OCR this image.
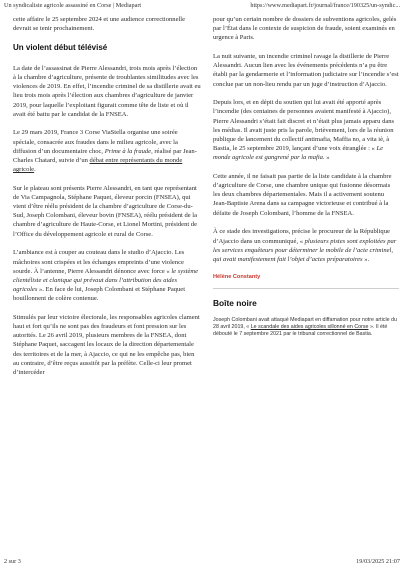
Un syndicaliste agricole assassiné en Corse | Mediapart	https://www.mediapart.fr/journal/france/190325/un-syndic...

cette affaire le 25 septembre 2024 et une audience correctionnelle devrait se tenir prochainement.

Un violent début télévisé

La date de l’assassinat de Pierre Alessandri, trois mois après l’élection à la chambre d’agriculture, présente de troublantes similitudes avec les violences de 2019. En effet, l’incendie criminel de sa distillerie avait eu lieu trois mois après l’élection aux chambres d’agriculture de janvier 2019, pour laquelle l’exploitant figurait comme tête de liste et où il avait été battu par le candidat de la FNSEA.

Le 29 mars 2019, France 3 Corse ViaStella organise une soirée spéciale, consacrée aux fraudes dans le milieu agricole, avec la diffusion d’un documentaire choc, Prime à la fraude, réalisé par Jean-Charles Chatard, suivie d’un débat entre représentants du monde agricole.

Sur le plateau sont présents Pierre Alessandri, en tant que représentant de Via Campagnola, Stéphane Paquet, éleveur porcin (FNSEA), qui vient d’être réélu président de la chambre d’agriculture de Corse-du-Sud, Joseph Colombani, éleveur bovin (FNSEA), réélu président de la chambre d’agriculture de Haute-Corse, et Lionel Mortini, président de l’Office du développement agricole et rural de Corse.

L’ambiance est à couper au couteau dans le studio d’Ajaccio. Les mâchoires sont crispées et les échanges empreints d’une violence sourde. À l’antenne, Pierre Alessandri dénonce avec force « le système clientéliste et clanique qui prévaut dans l’attribution des aides agricoles ». En face de lui, Joseph Colombani et Stéphane Paquet bouillonnent de colère contenue.

Stimulés par leur victoire électorale, les responsables agricoles clament haut et fort qu’ils ne sont pas des fraudeurs et font pression sur les autorités. Le 26 avril 2019, plusieurs membres de la FNSEA, dont Stéphane Paquet, saccagent les locaux de la direction départementale des territoires et de la mer, à Ajaccio, ce qui ne les empêche pas, bien au contraire, d’être reçus aussitôt par la préfète. Celle-ci leur promet d’intercéder

pour qu’un certain nombre de dossiers de subventions agricoles, gelés par l’État dans le contexte de suspicion de fraude, soient examinés en urgence à Paris.

La nuit suivante, un incendie criminel ravage la distillerie de Pierre Alessandri. Aucun lien avec les événements précédents n’a pu être établi par la gendarmerie et l’information judiciaire sur l’incendie s’est conclue par un non-lieu rendu par un juge d’instruction d’Ajaccio.

Depuis lors, et en dépit du soutien qui lui avait été apporté après l’incendie (des centaines de personnes avaient manifesté à Ajaccio), Pierre Alessandri s’était fait discret et n’était plus jamais apparu dans les médias. Il avait juste pris la parole, brièvement, lors de la réunion publique de lancement du collectif antimafia, Maffia no, a vita iè, à Bastia, le 25 septembre 2019, lançant d’une voix étranglée : « Le monde agricole est gangrené par la mafia. »

Cette année, il ne faisait pas partie de la liste candidate à la chambre d’agriculture de Corse, une chambre unique qui fusionne désormais les deux chambres départementales. Mais il a activement soutenu Jean-Baptiste Arena dans sa campagne victorieuse et contribué à la défaite de Joseph Colombani, l’homme de la FNSEA.

À ce stade des investigations, précise le procureur de la République d’Ajaccio dans un communiqué, « plusieurs pistes sont exploitées par les services enquêteurs pour déterminer le mobile de l’acte criminel, qui avait manifestement fait l’objet d’actes préparatoires ».

Hélène Constanty
Boîte noire
Joseph Colombani avait attaqué Mediapart en diffamation pour notre article du 28 avril 2019, « Le scandale des aides agricoles sillonné en Corse ». Il été débouté le 7 septembre 2021 par le tribunal correctionnel de Bastia.
2 sur 3	19/03/2025 21:07
